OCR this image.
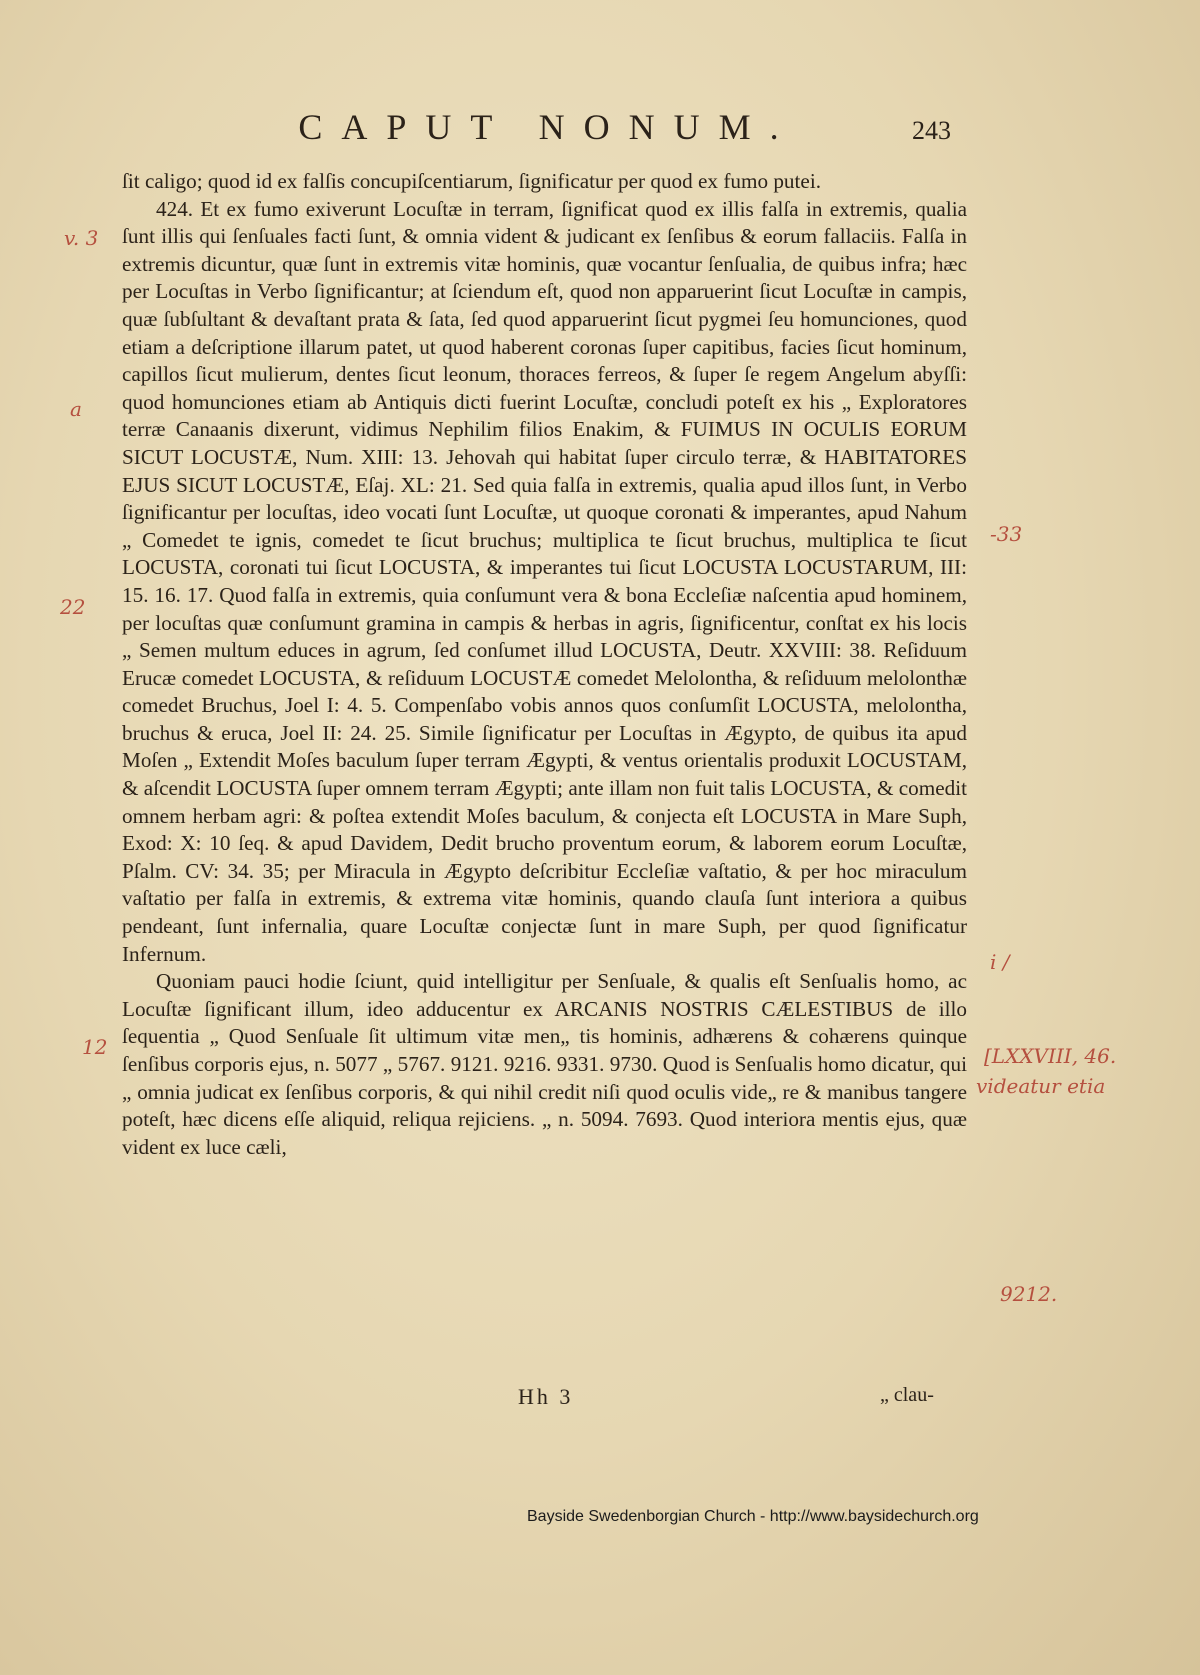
CAPUT NONUM.	243

ſit caligo; quod id ex falſis concupiſcentiarum, ſignificatur per quod ex fumo putei.

424. Et ex fumo exiverunt Locuſtæ in terram, ſignificat quod ex illis falſa in extremis, qualia ſunt illis qui ſenſuales facti ſunt, & omnia vident & judicant ex ſenſibus & eorum fallaciis. Falſa in extremis dicuntur, quæ ſunt in extremis vitæ hominis, quæ vocantur ſenſualia, de quibus infra; hæc per Locuſtas in Verbo ſignificantur; at ſciendum eſt, quod non apparuerint ſicut Locuſtæ in campis, quæ ſubſultant & devaſtant prata & ſata, ſed quod apparuerint ſicut pygmei ſeu homunciones, quod etiam a deſcriptione illarum patet, ut quod haberent coronas ſuper capitibus, facies ſicut hominum, capillos ſicut mulierum, dentes ſicut leonum, thoraces ferreos, & ſuper ſe regem Angelum abyſſi: quod homunciones etiam ab Antiquis dicti fuerint Locuſtæ, concludi poteſt ex his „ Exploratores terræ Canaanis dixerunt, vidimus Nephilim filios Enakim, & FUIMUS IN OCULIS EORUM SICUT LOCUSTÆ, Num. XIII: 13. Jehovah qui habitat ſuper circulo terræ, & HABITATORES EJUS SICUT LOCUSTÆ, Eſaj. XL: 21. Sed quia falſa in extremis, qualia apud illos ſunt, in Verbo ſignificantur per locuſtas, ideo vocati ſunt Locuſtæ, ut quoque coronati & imperantes, apud Nahum „ Comedet te ignis, comedet te ſicut bruchus; multiplica te ſicut bruchus, multiplica te ſicut LOCUSTA, coronati tui ſicut LOCUSTA, & imperantes tui ſicut LOCUSTA LOCUSTARUM, III: 15. 16. 17. Quod falſa in extremis, quia conſumunt vera & bona Eccleſiæ naſcentia apud hominem, per locuſtas quæ conſumunt gramina in campis & herbas in agris, ſignificentur, conſtat ex his locis „ Semen multum educes in agrum, ſed conſumet illud LOCUSTA, Deutr. XXVIII: 38. Reſiduum Erucæ comedet LOCUSTA, & reſiduum LOCUSTÆ comedet Melolontha, & reſiduum melolonthæ comedet Bruchus, Joel I: 4. 5. Compenſabo vobis annos quos conſumſit LOCUSTA, melolontha, bruchus & eruca, Joel II: 24. 25. Simile ſignificatur per Locuſtas in Ægypto, de quibus ita apud Moſen „ Extendit Moſes baculum ſuper terram Ægypti, & ventus orientalis produxit LOCUSTAM, & aſcendit LOCUSTA ſuper omnem terram Ægypti; ante illam non fuit talis LOCUSTA, & comedit omnem herbam agri: & poſtea extendit Moſes baculum, & conjecta eſt LOCUSTA in Mare Suph, Exod: X: 10 ſeq. & apud Davidem, Dedit brucho proventum eorum, & laborem eorum Locuſtæ, Pſalm. CV: 34. 35; per Miracula in Ægypto deſcribitur Eccleſiæ vaſtatio, & per hoc miraculum vaſtatio per falſa in extremis, & extrema vitæ hominis, quando clauſa ſunt interiora a quibus pendeant, ſunt infernalia, quare Locuſtæ conjectæ ſunt in mare Suph, per quod ſignificatur Infernum.

Quoniam pauci hodie ſciunt, quid intelligitur per Senſuale, & qualis eſt Senſualis homo, ac Locuſtæ ſignificant illum, ideo adducentur ex ARCANIS NOSTRIS CÆLESTIBUS de illo ſequentia „ Quod Senſuale ſit ultimum vitæ men„ tis hominis, adhærens & cohærens quinque ſenſibus corporis ejus, n. 5077 „ 5767. 9121. 9216. 9331. 9730. Quod is Senſualis homo dicatur, qui „ omnia judicat ex ſenſibus corporis, & qui nihil credit niſi quod oculis vide„ re & manibus tangere poteſt, hæc dicens eſſe aliquid, reliqua rejiciens. „ n. 5094. 7693. Quod interiora mentis ejus, quæ vident ex luce cæli,

v. 3
a
22
-33
i /
12	[LXXVIII, 46.
videatur etia
9212.
Hh 3	„ clau-
Bayside Swedenborgian Church - http://www.baysidechurch.org
